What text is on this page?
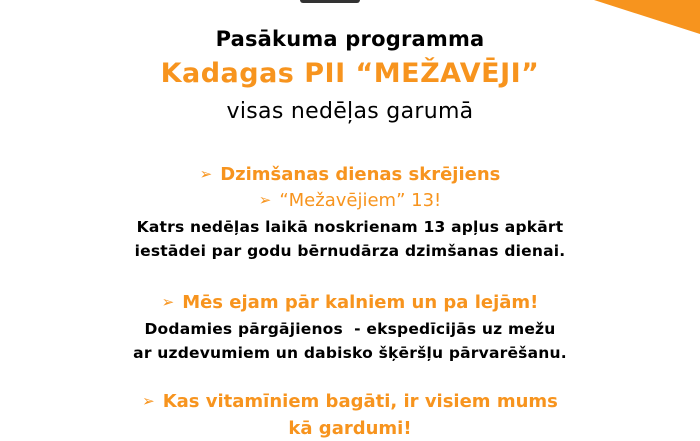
Pasākuma programma
Kadagas PII “MEŽAVĒJI”
visas nedēļas garumā
➢ Dzimšanas dienas skrējiens
➢ “Mežavējiem” 13!
Katrs nedēļas laikā noskrienam 13 apļus apkārt
iestādei par godu bērnudārza dzimšanas dienai.
➢ Mēs ejam pār kalniem un pa lejām!
Dodamies pārgājienos  - ekspedīcijās uz mežu
ar uzdevumiem un dabisko šķēršļu pārvarēšanu.
➢ Kas vitamīniem bagāti, ir visiem mums
kā gardumi!
